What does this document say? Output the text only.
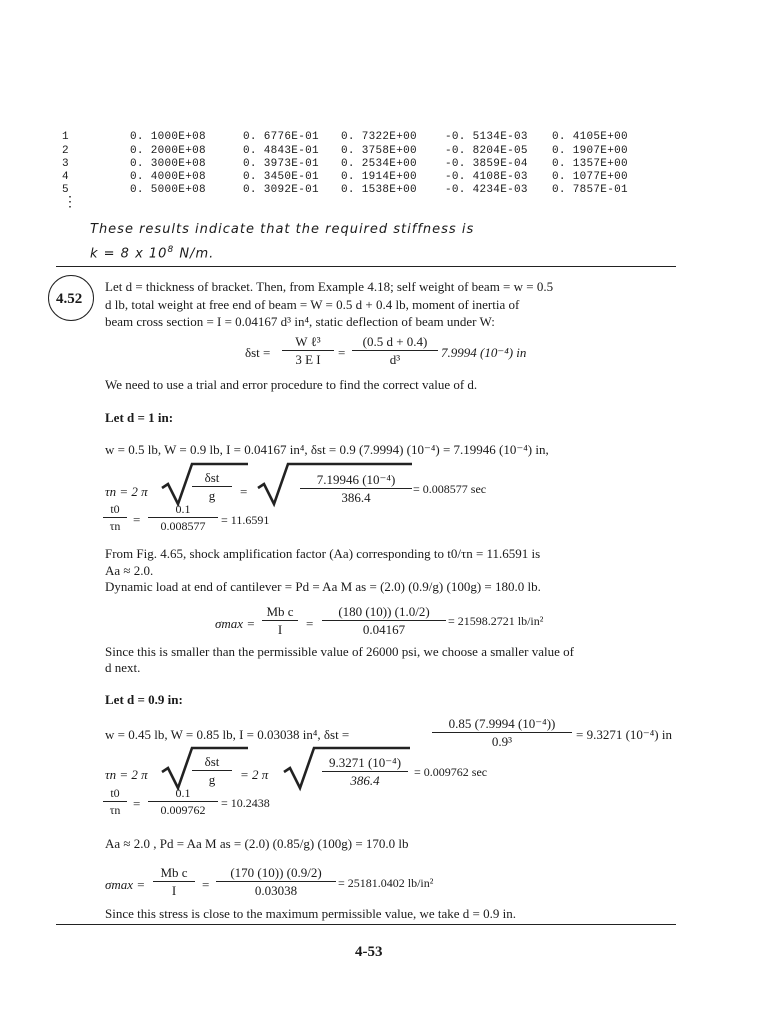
1	0. 1000E+08	0. 6776E-01 0. 7322E+00	-0. 5134E-03 0. 4105E+00
2	0. 2000E+08	0. 4843E-01 0. 3758E+00	-0. 8204E-05 0. 1907E+00
3	0. 3000E+08	0. 3973E-01 0. 2534E+00	-0. 3859E-04 0. 1357E+00
4	0. 4000E+08	0. 3450E-01 0. 1914E+00	-0. 4108E-03 0. 1077E+00
5	0. 5000E+08	0. 3092E-01 0. 1538E+00	-0. 4234E-03 0. 7857E-01
⋮
These results indicate that the required stiffness is
k = 8 x $10^8$ N/m.
4.52
Let d = thickness of bracket. Then, from Example 4.18; self weight of beam = w = 0.5
d lb, total weight at free end of beam = W = 0.5 d + 0.4 lb, moment of inertia of
beam cross section = I = 0.04167 d³ in⁴, static deflection of beam under W:
δst =
W ℓ³
3 E I	= $\frac{(0.5 d + 0.4)}{\text{d³}} 7.9994$ (10⁻⁴) in
We need to use a trial and error procedure to find the correct value of d.
Let d = 1 in:
w = 0.5 lb, W = 0.9 lb, I = 0.04167 in⁴, δst = 0.9 (7.9994) (10⁻⁴) = 7.19946 (10⁻⁴) in,
τn = 2 π
δst
g	=	$\frac{\text{7.19946 (10⁻⁴)}}{386.4} = 0.008577$ sec
$\frac{t0}{\tau n} = \frac{0.1}{0.008577} = 11.6591$
From Fig. 4.65, shock amplification factor (Aa) corresponding to t0/τn = 11.6591 is
Aa ≈ 2.0.
Dynamic load at end of cantilever = Pd = Aa M as = (2.0) (0.9/g) (100g) = 180.0 lb.
$\sigma\max = \frac{\text{Mb c}}{I} = \frac{(180 (10)) (1.0/2)}{0.04167} = 21598.2721$ lb/in²
Since this is smaller than the permissible value of 26000 psi, we choose a smaller value of
d next.
Let d = 0.9 in:
w = 0.45 lb, W = 0.85 lb, I = 0.03038 in⁴, δst =	$\frac{\text{0.85 (7.9994 (10⁻⁴))}}{\text{0.9³}} = 9.3271$ (10⁻⁴) in
τn = 2 π
δst
g	= 2 π	$\frac{\text{9.3271 (10⁻⁴)}}{386.4} = 0.009762$ sec
$\frac{t0}{\tau n} = \frac{0.1}{0.009762} = 10.2438$
Aa ≈ 2.0 , Pd = Aa M as = (2.0) (0.85/g) (100g) = 170.0 lb
$\sigma\max = \frac{\text{Mb c}}{I} = \frac{(170 (10)) (0.9/2)}{0.03038} = 25181.0402$ lb/in²
Since this stress is close to the maximum permissible value, we take d = 0.9 in.
4-53
